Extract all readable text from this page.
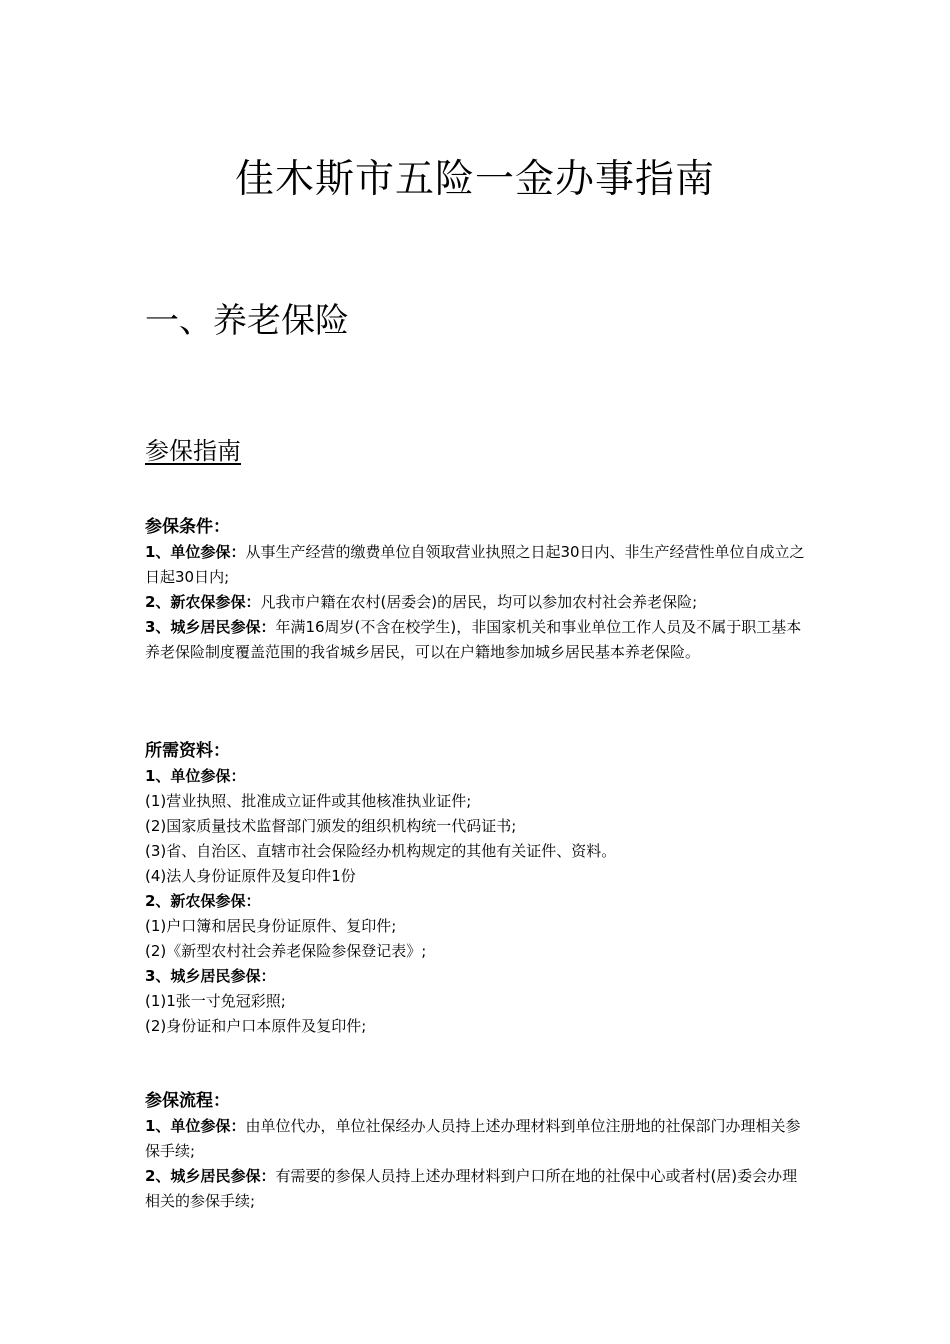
佳木斯市五险一金办事指南
一、养老保险
参保指南

参保条件：

1、单位参保：从事生产经营的缴费单位自领取营业执照之日起30日内、非生产经营性单位自成立之日起30日内;

2、新农保参保：凡我市户籍在农村(居委会)的居民，均可以参加农村社会养老保险;

3、城乡居民参保：年满16周岁(不含在校学生)，非国家机关和事业单位工作人员及不属于职工基本养老保险制度覆盖范围的我省城乡居民，可以在户籍地参加城乡居民基本养老保险。

所需资料：

1、单位参保：

(1)营业执照、批准成立证件或其他核准执业证件;

(2)国家质量技术监督部门颁发的组织机构统一代码证书;

(3)省、自治区、直辖市社会保险经办机构规定的其他有关证件、资料。

(4)法人身份证原件及复印件1份

2、新农保参保：

(1)户口簿和居民身份证原件、复印件;

(2)《新型农村社会养老保险参保登记表》;

3、城乡居民参保：

(1)1张一寸免冠彩照;

(2)身份证和户口本原件及复印件;

参保流程：

1、单位参保：由单位代办，单位社保经办人员持上述办理材料到单位注册地的社保部门办理相关参保手续;

2、城乡居民参保：有需要的参保人员持上述办理材料到户口所在地的社保中心或者村(居)委会办理相关的参保手续;
